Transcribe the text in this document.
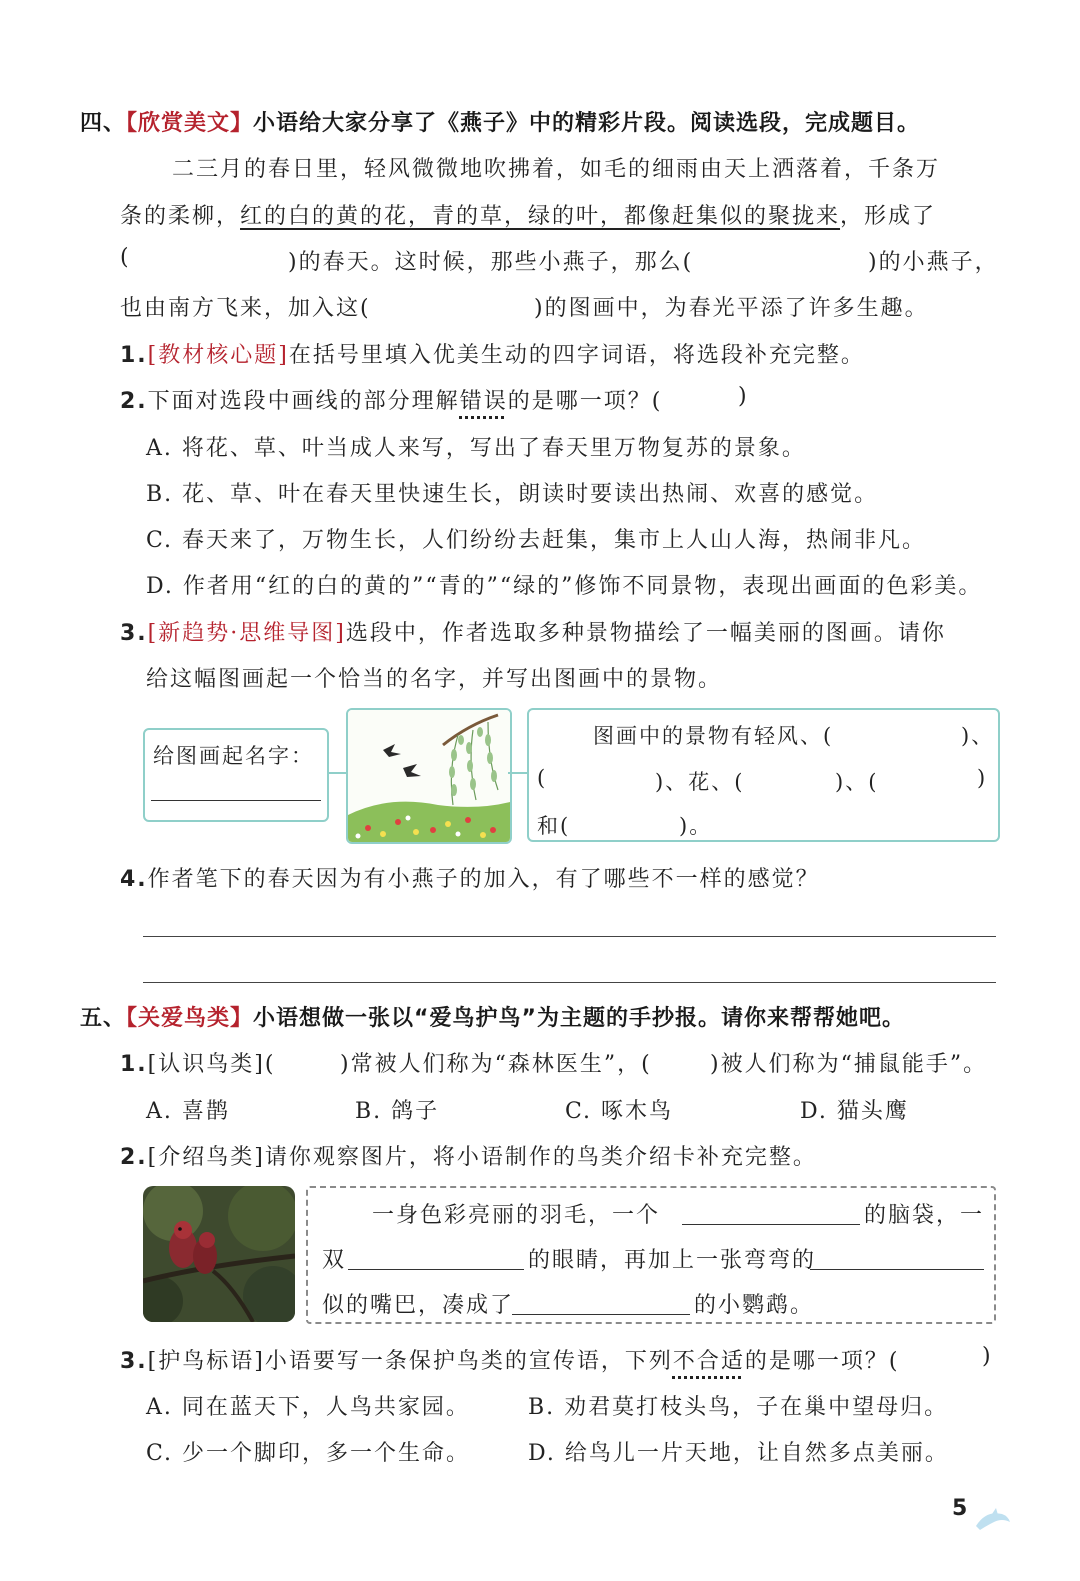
四、【欣赏美文】小语给大家分享了《燕子》中的精彩片段。阅读选段，完成题目。
二三月的春日里，轻风微微地吹拂着，如毛的细雨由天上洒落着，千条万
条的柔柳，红的白的黄的花，青的草，绿的叶，都像赶集似的聚拢来，形成了
(	)的春天。这时候，那些小燕子，那么(	)的小燕子，
也由南方飞来，加入这(	)的图画中，为春光平添了许多生趣。
1.[教材核心题]在括号里填入优美生动的四字词语，将选段补充完整。
2.下面对选段中画线的部分理解错误的是哪一项？(	)
A. 将花、草、叶当成人来写，写出了春天里万物复苏的景象。
B. 花、草、叶在春天里快速生长，朗读时要读出热闹、欢喜的感觉。
C. 春天来了，万物生长，人们纷纷去赶集，集市上人山人海，热闹非凡。
D. 作者用“红的白的黄的”“青的”“绿的”修饰不同景物，表现出画面的色彩美。
3.[新趋势·思维导图]选段中，作者选取多种景物描绘了一幅美丽的图画。请你
给这幅图画起一个恰当的名字，并写出图画中的景物。
给图画起名字：
图画中的景物有轻风、(	)、
(	)、花、(	)、(	)
和(	)。
4.作者笔下的春天因为有小燕子的加入，有了哪些不一样的感觉？
五、【关爱鸟类】小语想做一张以“爱鸟护鸟”为主题的手抄报。请你来帮帮她吧。
1.[认识鸟类](	)常被人们称为“森林医生”，(	)被人们称为“捕鼠能手”。
A. 喜鹊	B. 鸽子	C. 啄木鸟	D. 猫头鹰
2.[介绍鸟类]请你观察图片，将小语制作的鸟类介绍卡补充完整。
一身色彩亮丽的羽毛，一个	的脑袋，一
双	的眼睛，再加上一张弯弯的
似的嘴巴，凑成了	的小鹦鹉。
3.[护鸟标语]小语要写一条保护鸟类的宣传语，下列不合适的是哪一项？(	)
A. 同在蓝天下，人鸟共家园。	B. 劝君莫打枝头鸟，子在巢中望母归。
C. 少一个脚印，多一个生命。	D. 给鸟儿一片天地，让自然多点美丽。
5
